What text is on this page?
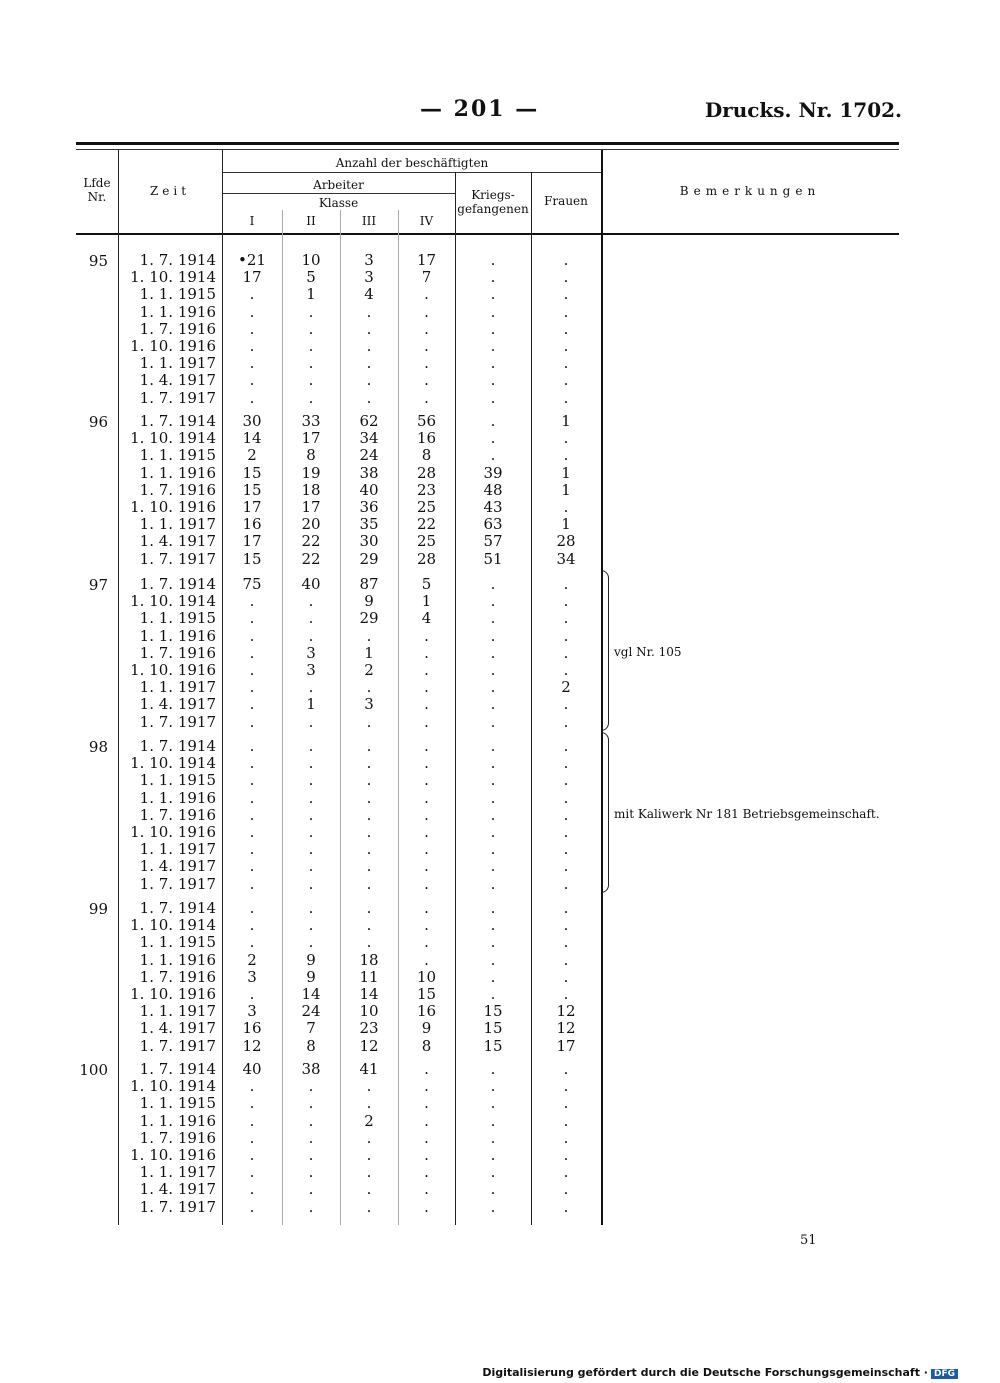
— 201 —	Drucks. Nr. 1702.
Lfde Nr.	Zeit
Anzahl der beschäftigten
Arbeiter
Klasse
I	II	III	IV
Kriegs- gefangenen
Frauen
Bemerkungen
95	1. 7. 1914	•21	10	3	17	.	.
1. 10. 1914	17	5	3	7	.	.
1. 1. 1915	.	1	4	.	.	.
1. 1. 1916	.	.	.	.	.	.
1. 7. 1916	.	.	.	.	.	.
1. 10. 1916	.	.	.	.	.	.
1. 1. 1917	.	.	.	.	.	.
1. 4. 1917	.	.	.	.	.	.
1. 7. 1917	.	.	.	.	.	.
96	1. 7. 1914	30	33	62	56	.	1
1. 10. 1914	14	17	34	16	.	.
1. 1. 1915	2	8	24	8	.	.
1. 1. 1916	15	19	38	28	39	1
1. 7. 1916	15	18	40	23	48	1
1. 10. 1916	17	17	36	25	43	.
1. 1. 1917	16	20	35	22	63	1
1. 4. 1917	17	22	30	25	57	28
1. 7. 1917	15	22	29	28	51	34
97	1. 7. 1914	75	40	87	5	.	.
1. 10. 1914	.	.	9	1	.	.
1. 1. 1915	.	.	29	4	.	.
1. 1. 1916	.	.	.	.	.	.
1. 7. 1916	.	3	1	.	.	.
1. 10. 1916	.	3	2	.	.	.
1. 1. 1917	.	.	.	.	.	2
1. 4. 1917	.	1	3	.	.	.
1. 7. 1917	.	.	.	.	.	.
vgl Nr. 105
98	1. 7. 1914	.	.	.	.	.	.
1. 10. 1914	.	.	.	.	.	.
1. 1. 1915	.	.	.	.	.	.
1. 1. 1916	.	.	.	.	.	.
1. 7. 1916	.	.	.	.	.	.
1. 10. 1916	.	.	.	.	.	.
1. 1. 1917	.	.	.	.	.	.
1. 4. 1917	.	.	.	.	.	.
1. 7. 1917	.	.	.	.	.	.
mit Kaliwerk Nr 181 Betriebsgemeinschaft.
99	1. 7. 1914	.	.	.	.	.	.
1. 10. 1914	.	.	.	.	.	.
1. 1. 1915	.	.	.	.	.	.
1. 1. 1916	2	9	18	.	.	.
1. 7. 1916	3	9	11	10	.	.
1. 10. 1916	.	14	14	15	.	.
1. 1. 1917	3	24	10	16	15	12
1. 4. 1917	16	7	23	9	15	12
1. 7. 1917	12	8	12	8	15	17
100	1. 7. 1914	40	38	41	.	.	.
1. 10. 1914	.	.	.	.	.	.
1. 1. 1915	.	.	.	.	.	.
1. 1. 1916	.	.	2	.	.	.
1. 7. 1916	.	.	.	.	.	.
1. 10. 1916	.	.	.	.	.	.
1. 1. 1917	.	.	.	.	.	.
1. 4. 1917	.	.	.	.	.	.
1. 7. 1917	.	.	.	.	.	.
51
Digitalisierung gefördert durch die Deutsche Forschungsgemeinschaft · DFG
